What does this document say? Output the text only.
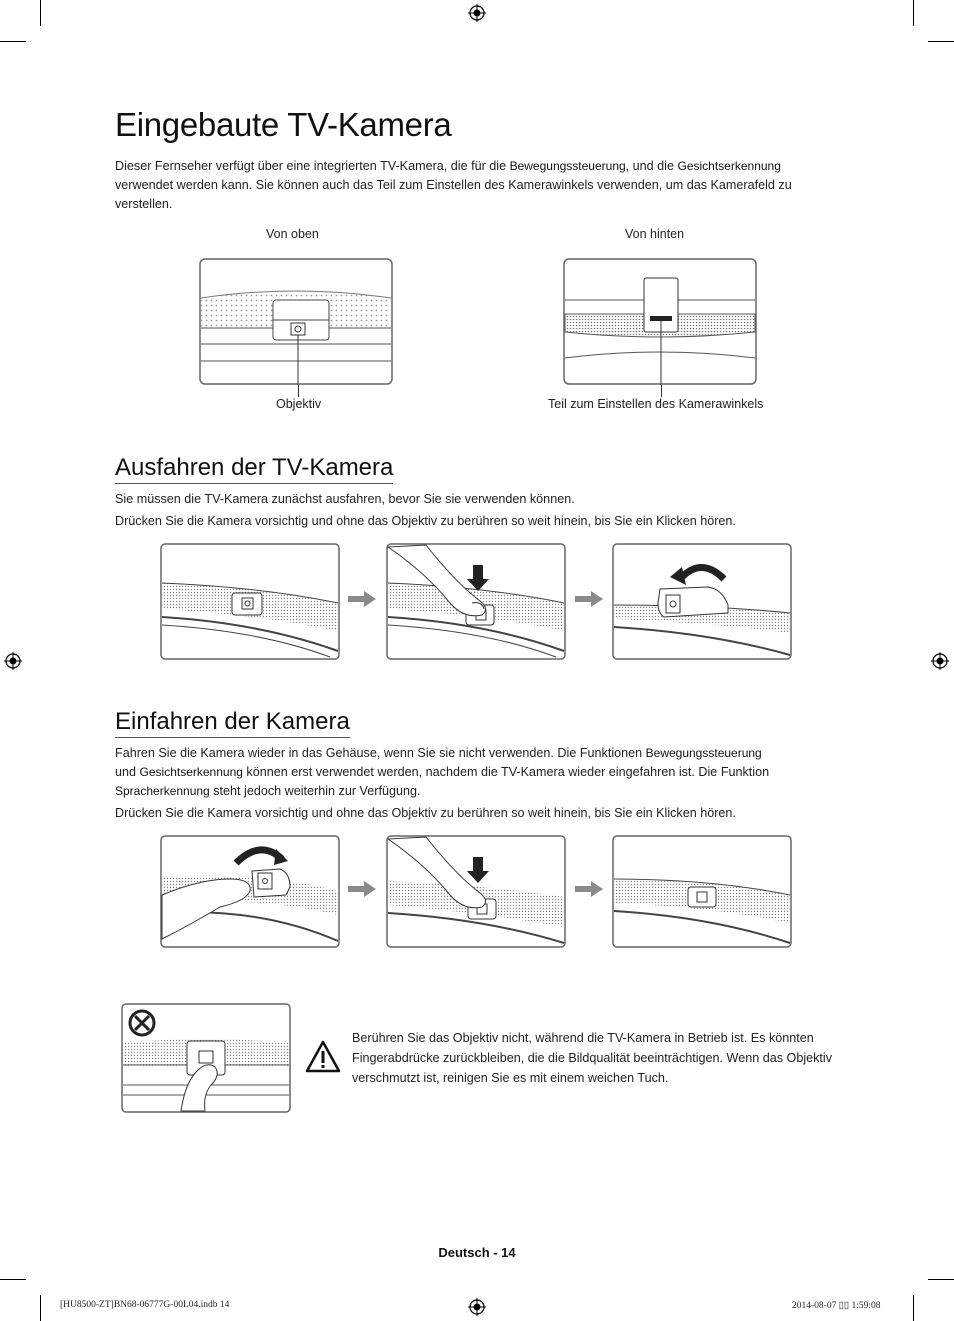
Eingebaute TV-Kamera

Dieser Fernseher verfügt über eine integrierten TV-Kamera, die für die Bewegungssteuerung, und die Gesichtserkennung verwendet werden kann. Sie können auch das Teil zum Einstellen des Kamerawinkels verwenden, um das Kamerafeld zu verstellen.

Von oben	Von hinten
Objektiv	Teil zum Einstellen des Kamerawinkels
Ausfahren der TV-Kamera

Sie müssen die TV-Kamera zunächst ausfahren, bevor Sie sie verwenden können.

Drücken Sie die Kamera vorsichtig und ohne das Objektiv zu berühren so weit hinein, bis Sie ein Klicken hören.

Einfahren der Kamera

Fahren Sie die Kamera wieder in das Gehäuse, wenn Sie sie nicht verwenden. Die Funktionen Bewegungssteuerung
und Gesichtserkennung können erst verwendet werden, nachdem die TV-Kamera wieder eingefahren ist. Die Funktion
Spracherkennung steht jedoch weiterhin zur Verfügung.

Drücken Sie die Kamera vorsichtig und ohne das Objektiv zu berühren so weit hinein, bis Sie ein Klicken hören.

Berühren Sie das Objektiv nicht, während die TV-Kamera in Betrieb ist. Es könnten Fingerabdrücke zurückbleiben, die die Bildqualität beeinträchtigen. Wenn das Objektiv verschmutzt ist, reinigen Sie es mit einem weichen Tuch.

Deutsch - 14
[HU8500-ZT]BN68-06777G-00L04.indb 14	2014-08-07 ▯▯ 1:59:08
